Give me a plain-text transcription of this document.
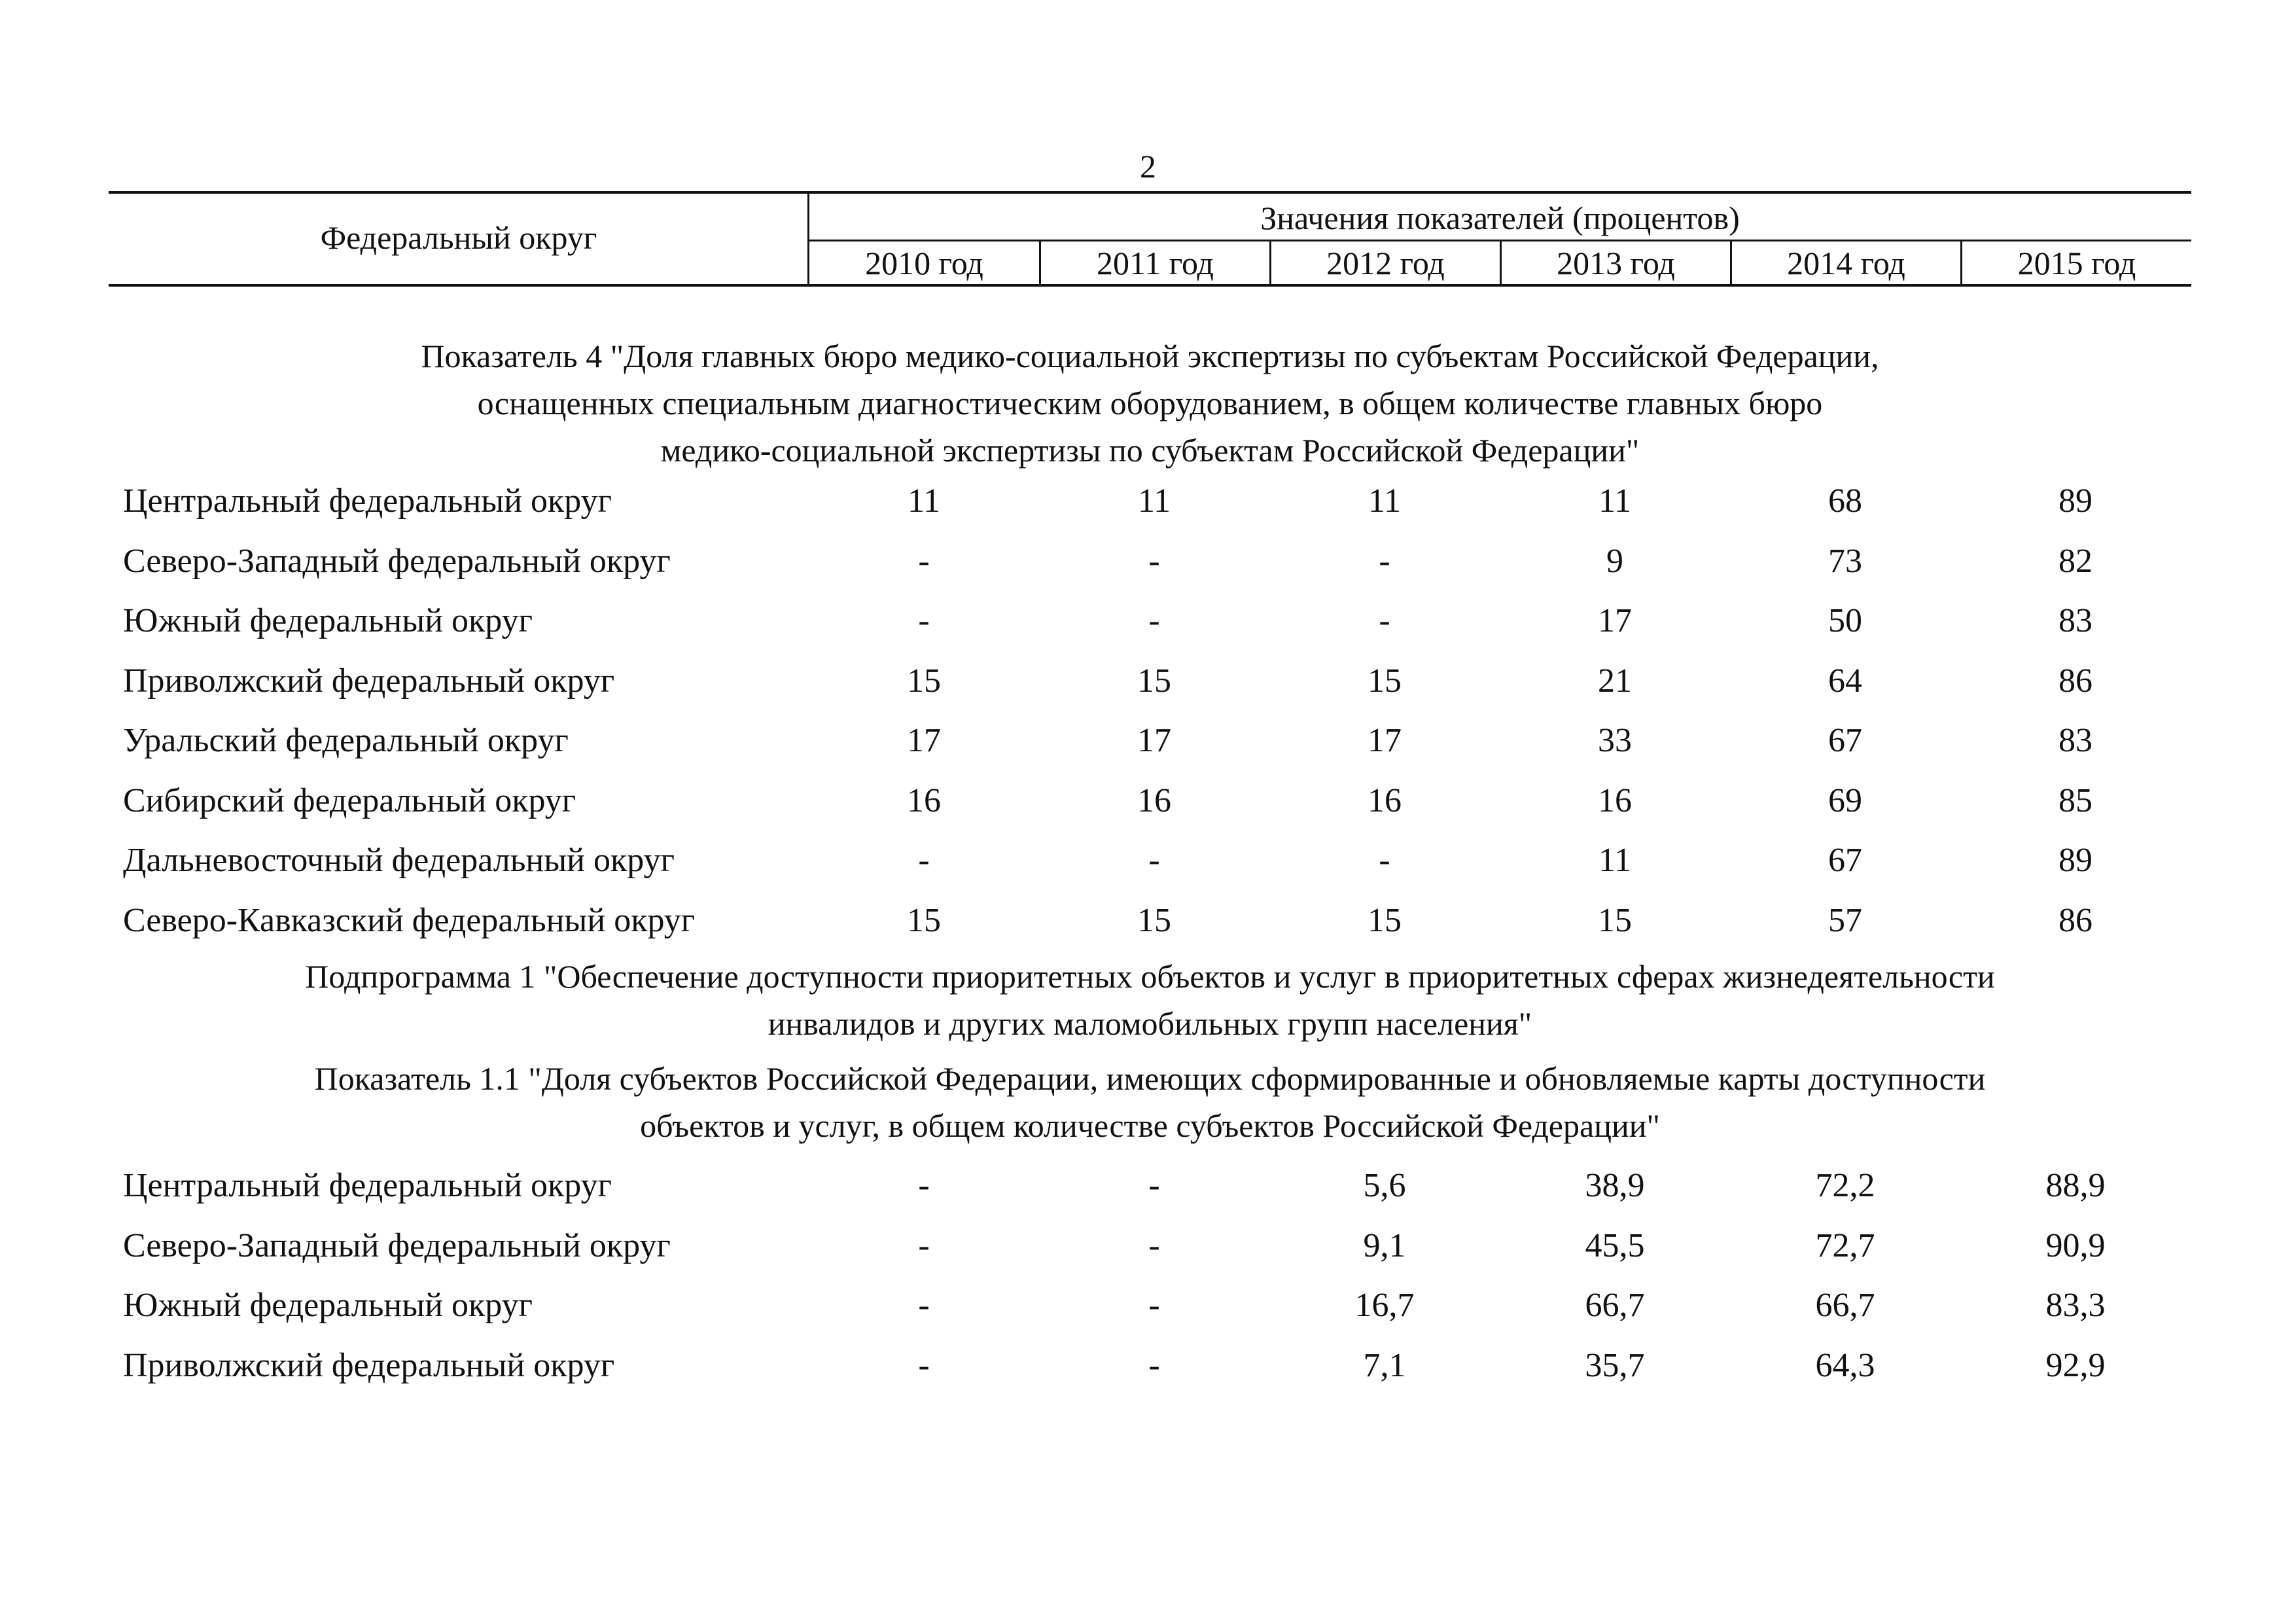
2
Федеральный округ
Значения показателей (процентов)
2010 год	2011 год	2012 год	2013 год	2014 год	2015 год
Показатель 4 "Доля главных бюро медико-социальной экспертизы по субъектам Российской Федерации,
оснащенных специальным диагностическим оборудованием, в общем количестве главных бюро
медико-социальной экспертизы по субъектам Российской Федерации"
Центральный федеральный округ	11	11	11	11	68	89
Северо-Западный федеральный округ	-	-	-	9	73	82
Южный федеральный округ	-	-	-	17	50	83
Приволжский федеральный округ	15	15	15	21	64	86
Уральский федеральный округ	17	17	17	33	67	83
Сибирский федеральный округ	16	16	16	16	69	85
Дальневосточный федеральный округ	-	-	-	11	67	89
Северо-Кавказский федеральный округ	15	15	15	15	57	86
Подпрограмма 1 "Обеспечение доступности приоритетных объектов и услуг в приоритетных сферах жизнедеятельности
инвалидов и других маломобильных групп населения"
Показатель 1.1 "Доля субъектов Российской Федерации, имеющих сформированные и обновляемые карты доступности
объектов и услуг, в общем количестве субъектов Российской Федерации"
Центральный федеральный округ	-	-	5,6	38,9	72,2	88,9
Северо-Западный федеральный округ	-	-	9,1	45,5	72,7	90,9
Южный федеральный округ	-	-	16,7	66,7	66,7	83,3
Приволжский федеральный округ	-	-	7,1	35,7	64,3	92,9
